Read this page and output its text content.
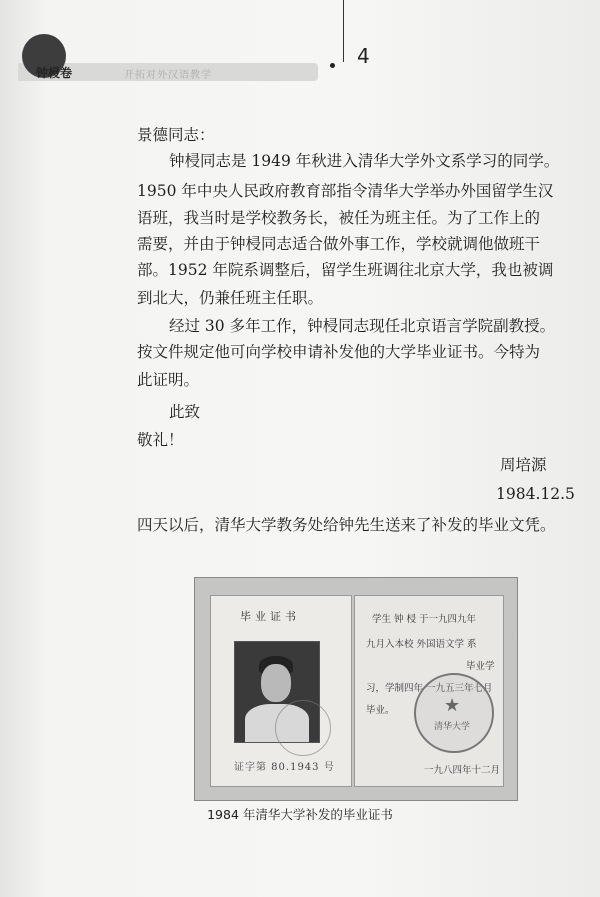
钟梫卷	开拓对外汉语教学
4
景德同志：
钟梫同志是 1949 年秋进入清华大学外文系学习的同学。
1950 年中央人民政府教育部指令清华大学举办外国留学生汉
语班，我当时是学校教务长，被任为班主任。为了工作上的
需要，并由于钟梫同志适合做外事工作，学校就调他做班干
部。1952 年院系调整后，留学生班调往北京大学，我也被调
到北大，仍兼任班主任职。
经过 30 多年工作，钟梫同志现任北京语言学院副教授。
按文件规定他可向学校申请补发他的大学毕业证书。今特为
此证明。
此致
敬礼！
周培源
1984.12.5
四天以后，清华大学教务处给钟先生送来了补发的毕业文凭。
毕业证书
证字第 80.1943 号
学生 钟 梫 于一九四九年
九月入本校 外国语文学 系
毕业学
习，学制四年 一九五三年七月
毕业。	★
清华大学
一九八四年十二月
1984 年清华大学补发的毕业证书
